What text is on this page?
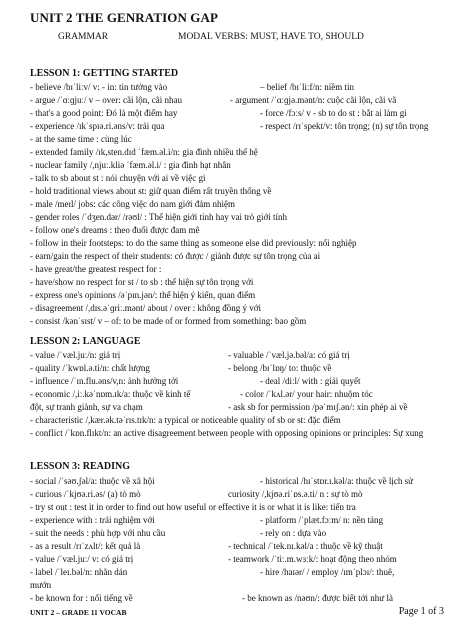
UNIT 2 THE GENRATION GAP
GRAMMAR	MODAL VERBS: MUST, HAVE TO, SHOULD
LESSON 1: GETTING STARTED
- believe /bɪˈliːv/ v: - in: tin tưởng vào	– belief /bɪˈliːf/n: niềm tin
- argue /ˈɑːɡjuː/ v – over: cãi lộn, cãi nhau	- argument /ˈɑːɡjə.mənt/n: cuộc cãi lộn, cãi vã
- that's a good point: Đó là một điểm hay	- force /fɔːs/ v - sb to do st : bắt ai làm gì
- experience /ɪkˈspɪə.ri.əns/v: trải qua	- respect /rɪˈspekt/v: tôn trọng; (n) sự tôn trọng
- at the same time : cùng lúc
- extended family /ɪk,sten.dɪd ˈfæm.əl.i/n: gia đình nhiều thế hệ
- nuclear family /,njuː.kliə ˈfæm.əl.i/ : gia đình hạt nhân
- talk to sb about st : nói chuyện với ai về việc gì
- hold traditional views about st: giữ quan điểm rất truyền thống về
- male /meɪl/ jobs: các công việc do nam giới đảm nhiệm
- gender roles /ˈdʒen.dər/ /rəʊl/ : Thể hiện giới tính hay vai trò giới tính
- follow one's dreams : theo đuổi được đam mê
- follow in their footsteps: to do the same thing as someone else did previously: nối nghiệp
- earn/gain the respect of their students: có được / giành được sự tôn trọng của ai
- have great/the greatest respect for :
- have/show no respect for st / to sb : thể hiện sự tôn trọng với
- express one's opinions /əˈpɪn.jən/: thể hiện ý kiến, quan điểm
- disagreement /,dɪs.əˈɡriː.mənt/ about / over : không đồng ý với
- consist /kənˈsɪst/ v – of: to be made of or formed from something: bao gồm
LESSON 2: LANGUAGE
- value /ˈvæl.juː/n: giá trị	- valuable /ˈvæl.jə.bəl/a: có giá trị
- quality /ˈkwɒl.ə.ti/n: chất lượng	- belong /bɪˈlɒŋ/ to: thuộc về
- influence /ˈɪn.flu.əns/v,n: ảnh hưởng tới	- deal /diːl/ with : giải quyết
- economic /,iː.kəˈnɒm.ɪk/a: thuộc về kinh tế	- color /ˈkʌl.ər/ your hair: nhuộm tóc
đột, sự tranh giành, sự va chạm	- ask sb for permission /pəˈmɪʃ.ən/: xin phép ai về
- characteristic /,kær.ək.təˈrɪs.tɪk/n: a typical or noticeable quality of sb or st: đặc điểm
- conflict /ˈkɒn.flɪkt/n: an active disagreement between people with opposing opinions or principles: Sự xung
LESSON 3: READING
- social /ˈsəʊ.ʃəl/a: thuộc về xã hội	- historical /hɪˈstɒr.ɪ.kəl/a: thuộc về lịch sử
- curious /ˈkjʊə.ri.əs/ (a) tò mò	curiosity /,kjʊə.riˈɒs.ə.ti/ n : sự tò mò
- try st out : test it in order to find out how useful or effective it is or what it is like: tiến tra
- experience with : trải nghiệm với	- platform /ˈplæt.fɔːm/ n: nền tảng
- suit the needs : phù hợp với nhu cầu	- rely on : dựa vào
- as a result /rɪˈzʌlt/: kết quả là	- technical /ˈtek.nɪ.kəl/a : thuộc về kỹ thuật
- value /ˈvæl.juː/ v: có giá trị	- teamwork /ˈtiː.m.wɜːk/: hoạt động theo nhóm
- label /ˈleɪ.bəl/n: nhãn dán	- hire /haɪər/ / employ /ɪmˈplɔɪ/: thuê,
mướn
- be known for : nổi tiếng về	- be known as /nəʊn/: được biết tới như là
UNIT 2 – GRADE 11 VOCAB	Page 1 of 3
